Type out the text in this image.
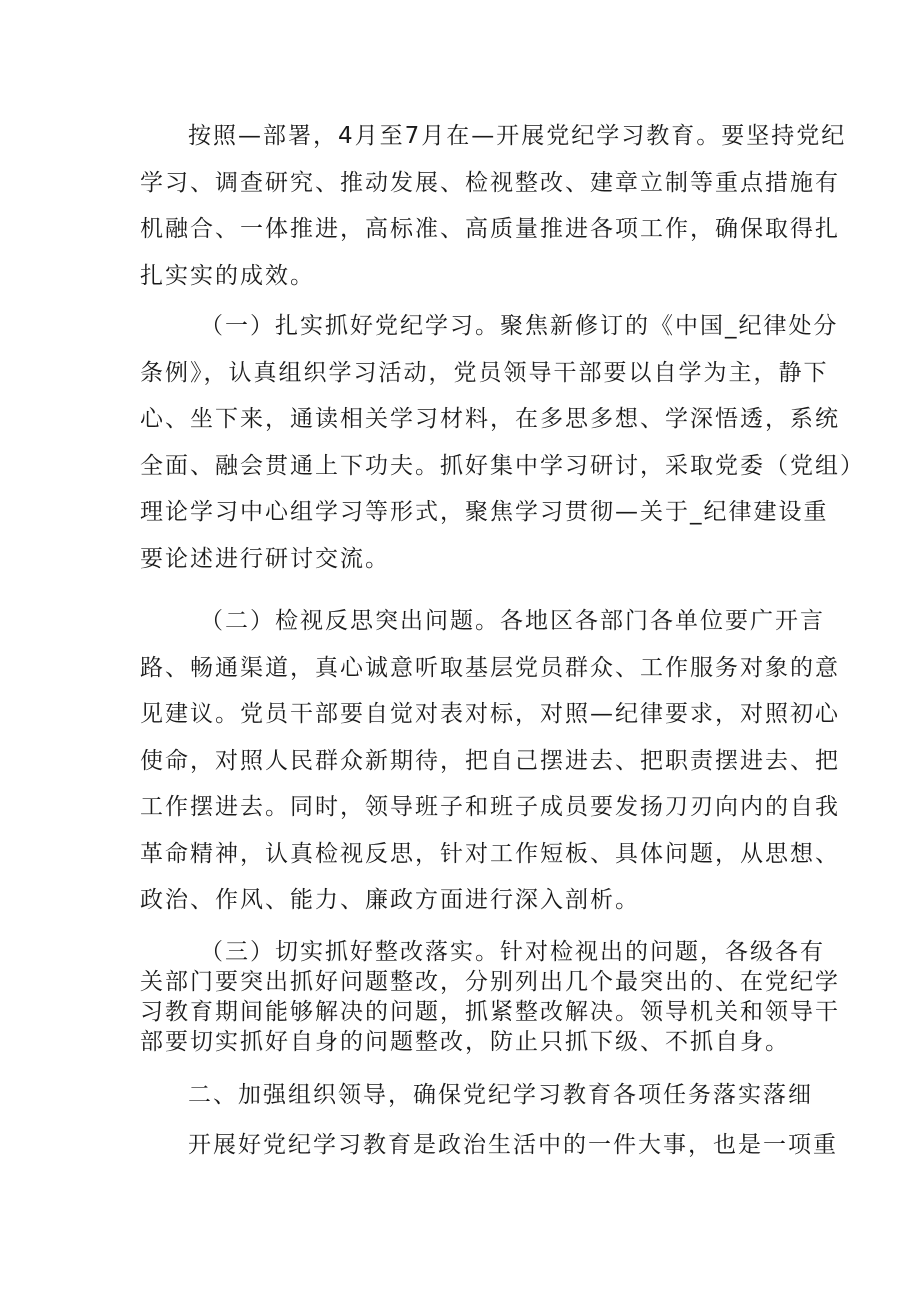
按照—部署，4月至7月在—开展党纪学习教育。要坚持党纪
学习、调查研究、推动发展、检视整改、建章立制等重点措施有
机融合、一体推进，高标准、高质量推进各项工作，确保取得扎
扎实实的成效。
（一）扎实抓好党纪学习。聚焦新修订的《中国_纪律处分
条例》，认真组织学习活动，党员领导干部要以自学为主，静下
心、坐下来，通读相关学习材料，在多思多想、学深悟透，系统
全面、融会贯通上下功夫。抓好集中学习研讨，采取党委（党组）
理论学习中心组学习等形式，聚焦学习贯彻—关于_纪律建设重
要论述进行研讨交流。
（二）检视反思突出问题。各地区各部门各单位要广开言
路、畅通渠道，真心诚意听取基层党员群众、工作服务对象的意
见建议。党员干部要自觉对表对标，对照—纪律要求，对照初心
使命，对照人民群众新期待，把自己摆进去、把职责摆进去、把
工作摆进去。同时，领导班子和班子成员要发扬刀刃向内的自我
革命精神，认真检视反思，针对工作短板、具体问题，从思想、
政治、作风、能力、廉政方面进行深入剖析。
（三）切实抓好整改落实。针对检视出的问题，各级各有
关部门要突出抓好问题整改，分别列出几个最突出的、在党纪学
习教育期间能够解决的问题，抓紧整改解决。领导机关和领导干
部要切实抓好自身的问题整改，防止只抓下级、不抓自身。
二、加强组织领导，确保党纪学习教育各项任务落实落细
开展好党纪学习教育是政治生活中的一件大事，也是一项重
